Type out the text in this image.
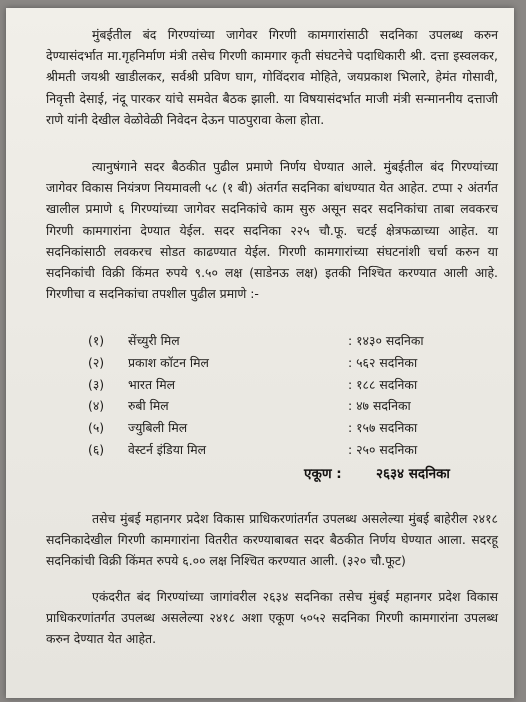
मुंबईतील बंद गिरण्यांच्या जागेवर गिरणी कामगारांसाठी सदनिका उपलब्ध करुन देण्यासंदर्भात मा.गृहनिर्माण मंत्री तसेच गिरणी कामगार कृती संघटनेचे पदाधिकारी श्री. दत्ता इस्वलकर, श्रीमती जयश्री खाडीलकर, सर्वश्री प्रविण घाग, गोविंदराव मोहिते, जयप्रकाश भिलारे, हेमंत गोसावी, निवृत्ती देसाई, नंदू पारकर यांचे समवेत बैठक झाली. या विषयासंदर्भात माजी मंत्री सन्माननीय दत्ताजी राणे यांनी देखील वेळोवेळी निवेदन देऊन पाठपुरावा केला होता.
त्यानुषंगाने सदर बैठकीत पुढील प्रमाणे निर्णय घेण्यात आले. मुंबईतील बंद गिरण्यांच्या जागेवर विकास नियंत्रण नियमावली ५८ (१ बी) अंतर्गत सदनिका बांधण्यात येत आहेत. टप्पा २ अंतर्गत खालील प्रमाणे ६ गिरण्यांच्या जागेवर सदनिकांचे काम सुरु असून सदर सदनिकांचा ताबा लवकरच गिरणी कामगारांना देण्यात येईल. सदर सदनिका २२५ चौ.फू. चटई क्षेत्रफळाच्या आहेत. या सदनिकांसाठी लवकरच सोडत काढण्यात येईल. गिरणी कामगारांच्या संघटनांशी चर्चा करुन या सदनिकांची विक्री किंमत रुपये ९.५० लक्ष (साडेनऊ लक्ष) इतकी निश्चित करण्यात आली आहे. गिरणीचा व सदनिकांचा तपशील पुढील प्रमाणे :-
(१) सेंच्युरी मिल	: १४३० सदनिका
(२) प्रकाश कॉटन मिल	: ५६२ सदनिका
(३) भारत मिल	: १८८ सदनिका
(४) रुबी मिल	: ४७ सदनिका
(५) ज्युबिली मिल	: १५७ सदनिका
(६) वेस्टर्न इंडिया मिल	: २५० सदनिका
एकूण :	२६३४ सदनिका
तसेच मुंबई महानगर प्रदेश विकास प्राधिकरणांतर्गत उपलब्ध असलेल्या मुंबई बाहेरील २४१८ सदनिकादेखील गिरणी कामगारांना वितरीत करण्याबाबत सदर बैठकीत निर्णय घेण्यात आला. सदरहू सदनिकांची विक्री किंमत रुपये ६.०० लक्ष निश्चित करण्यात आली. (३२० चौ.फूट)
एकंदरीत बंद गिरण्यांच्या जागांवरील २६३४ सदनिका तसेच मुंबई महानगर प्रदेश विकास प्राधिकरणांतर्गत उपलब्ध असलेल्या २४१८ अशा एकूण ५०५२ सदनिका गिरणी कामगारांना उपलब्ध करुन देण्यात येत आहेत.
